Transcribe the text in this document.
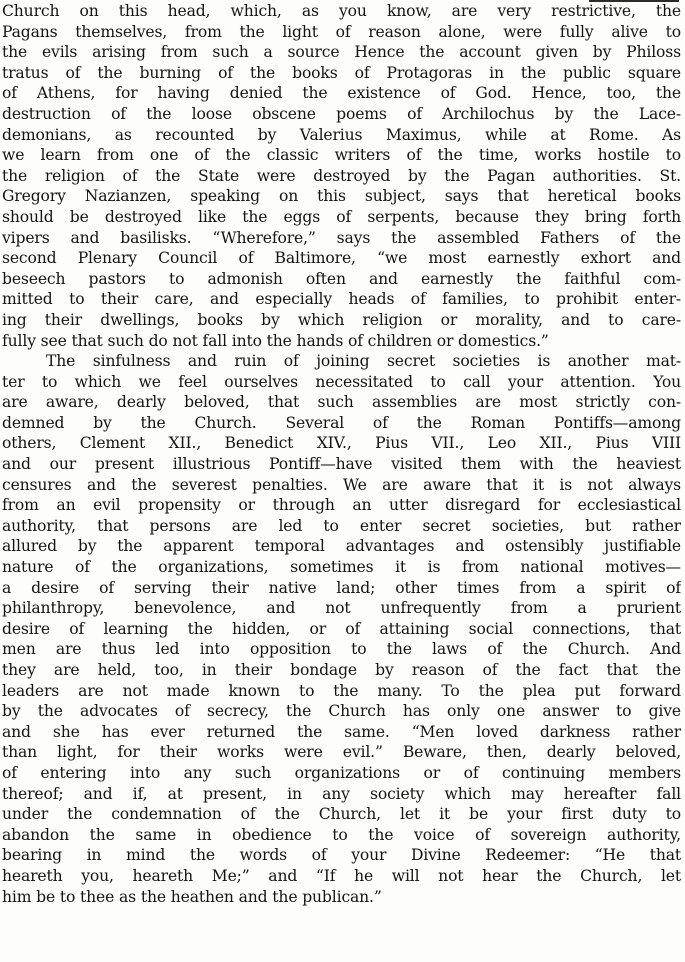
Church on this head, which, as you know, are very restrictive, the
Pagans themselves, from the light of reason alone, were fully alive to
the evils arising from such a source Hence the account given by Philoss
tratus of the burning of the books of Protagoras in the public square
of Athens, for having denied the existence of God. Hence, too, the
destruction of the loose obscene poems of Archilochus by the Lace-
demonians, as recounted by Valerius Maximus, while at Rome. As
we learn from one of the classic writers of the time, works hostile to
the religion of the State were destroyed by the Pagan authorities. St.
Gregory Nazianzen, speaking on this subject, says that heretical books
should be destroyed like the eggs of serpents, because they bring forth
vipers and basilisks. “Wherefore,” says the assembled Fathers of the
second Plenary Council of Baltimore, “we most earnestly exhort and
beseech pastors to admonish often and earnestly the faithful com-
mitted to their care, and especially heads of families, to prohibit enter-
ing their dwellings, books by which religion or morality, and to care-
fully see that such do not fall into the hands of children or domestics.”
The sinfulness and ruin of joining secret societies is another mat-
ter to which we feel ourselves necessitated to call your attention. You
are aware, dearly beloved, that such assemblies are most strictly con-
demned by the Church. Several of the Roman Pontiffs—among
others, Clement XII., Benedict XIV., Pius VII., Leo XII., Pius VIII
and our present illustrious Pontiff—have visited them with the heaviest
censures and the severest penalties. We are aware that it is not always
from an evil propensity or through an utter disregard for ecclesiastical
authority, that persons are led to enter secret societies, but rather
allured by the apparent temporal advantages and ostensibly justifiable
nature of the organizations, sometimes it is from national motives—
a desire of serving their native land; other times from a spirit of
philanthropy, benevolence, and not unfrequently from a prurient
desire of learning the hidden, or of attaining social connections, that
men are thus led into opposition to the laws of the Church. And
they are held, too, in their bondage by reason of the fact that the
leaders are not made known to the many. To the plea put forward
by the advocates of secrecy, the Church has only one answer to give
and she has ever returned the same. “Men loved darkness rather
than light, for their works were evil.” Beware, then, dearly beloved,
of entering into any such organizations or of continuing members
thereof; and if, at present, in any society which may hereafter fall
under the condemnation of the Church, let it be your first duty to
abandon the same in obedience to the voice of sovereign authority,
bearing in mind the words of your Divine Redeemer: “He that
heareth you, heareth Me;” and “If he will not hear the Church, let
him be to thee as the heathen and the publican.”
